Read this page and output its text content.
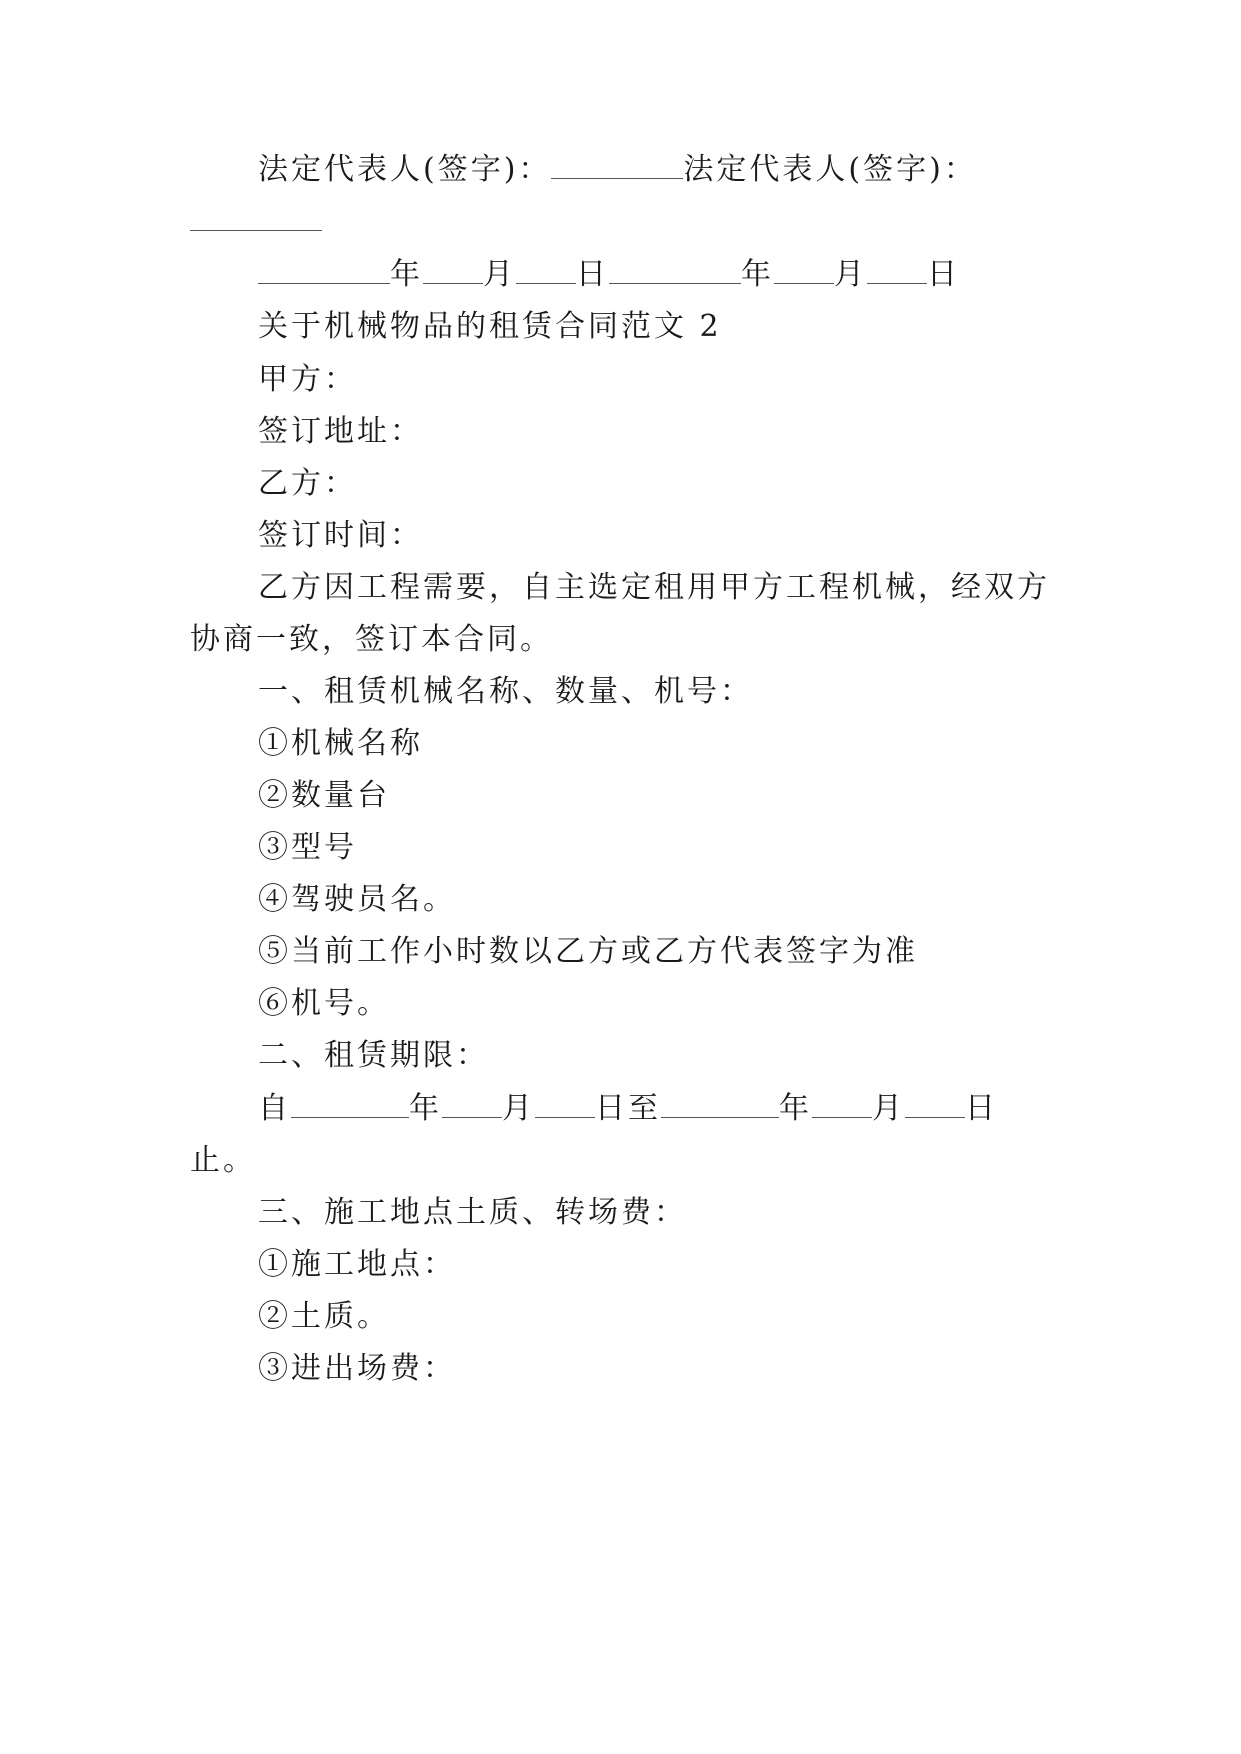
法定代表人(签字)：	法定代表人(签字)：
年 月 日	年 月 日
关于机械物品的租赁合同范文 2
甲方：
签订地址：
乙方：
签订时间：
乙方因工程需要，自主选定租用甲方工程机械，经双方
协商一致，签订本合同。
一、租赁机械名称、数量、机号：
①机械名称
②数量台
③型号
④驾驶员名。
⑤当前工作小时数以乙方或乙方代表签字为准
⑥机号。
二、租赁期限：
自	年 月 日至	年 月 日
止。
三、施工地点土质、转场费：
①施工地点：
②土质。
③进出场费：
